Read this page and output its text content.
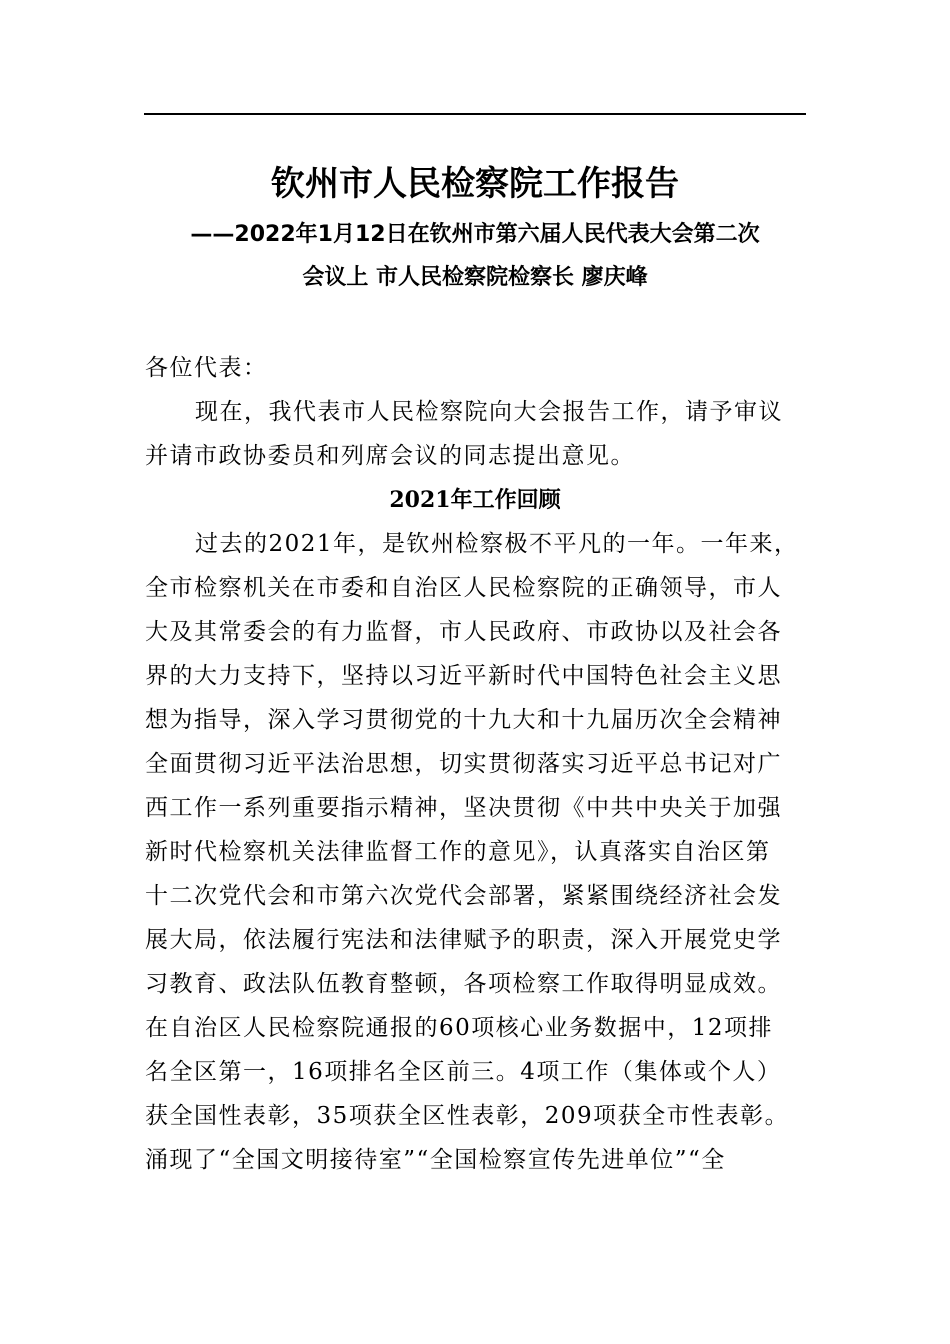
钦州市人民检察院工作报告
——2022年1月12日在钦州市第六届人民代表大会第二次
会议上 市人民检察院检察长 廖庆峰
各位代表：
现在，我代表市人民检察院向大会报告工作，请予审议
并请市政协委员和列席会议的同志提出意见。
2021年工作回顾
过去的2021年，是钦州检察极不平凡的一年。一年来，
全市检察机关在市委和自治区人民检察院的正确领导，市人
大及其常委会的有力监督，市人民政府、市政协以及社会各
界的大力支持下，坚持以习近平新时代中国特色社会主义思
想为指导，深入学习贯彻党的十九大和十九届历次全会精神
全面贯彻习近平法治思想，切实贯彻落实习近平总书记对广
西工作一系列重要指示精神，坚决贯彻《中共中央关于加强
新时代检察机关法律监督工作的意见》，认真落实自治区第
十二次党代会和市第六次党代会部署，紧紧围绕经济社会发
展大局，依法履行宪法和法律赋予的职责，深入开展党史学
习教育、政法队伍教育整顿，各项检察工作取得明显成效。
在自治区人民检察院通报的60项核心业务数据中，12项排
名全区第一，16项排名全区前三。4项工作（集体或个人）
获全国性表彰，35项获全区性表彰，209项获全市性表彰。
涌现了“全国文明接待室”“全国检察宣传先进单位”“全
